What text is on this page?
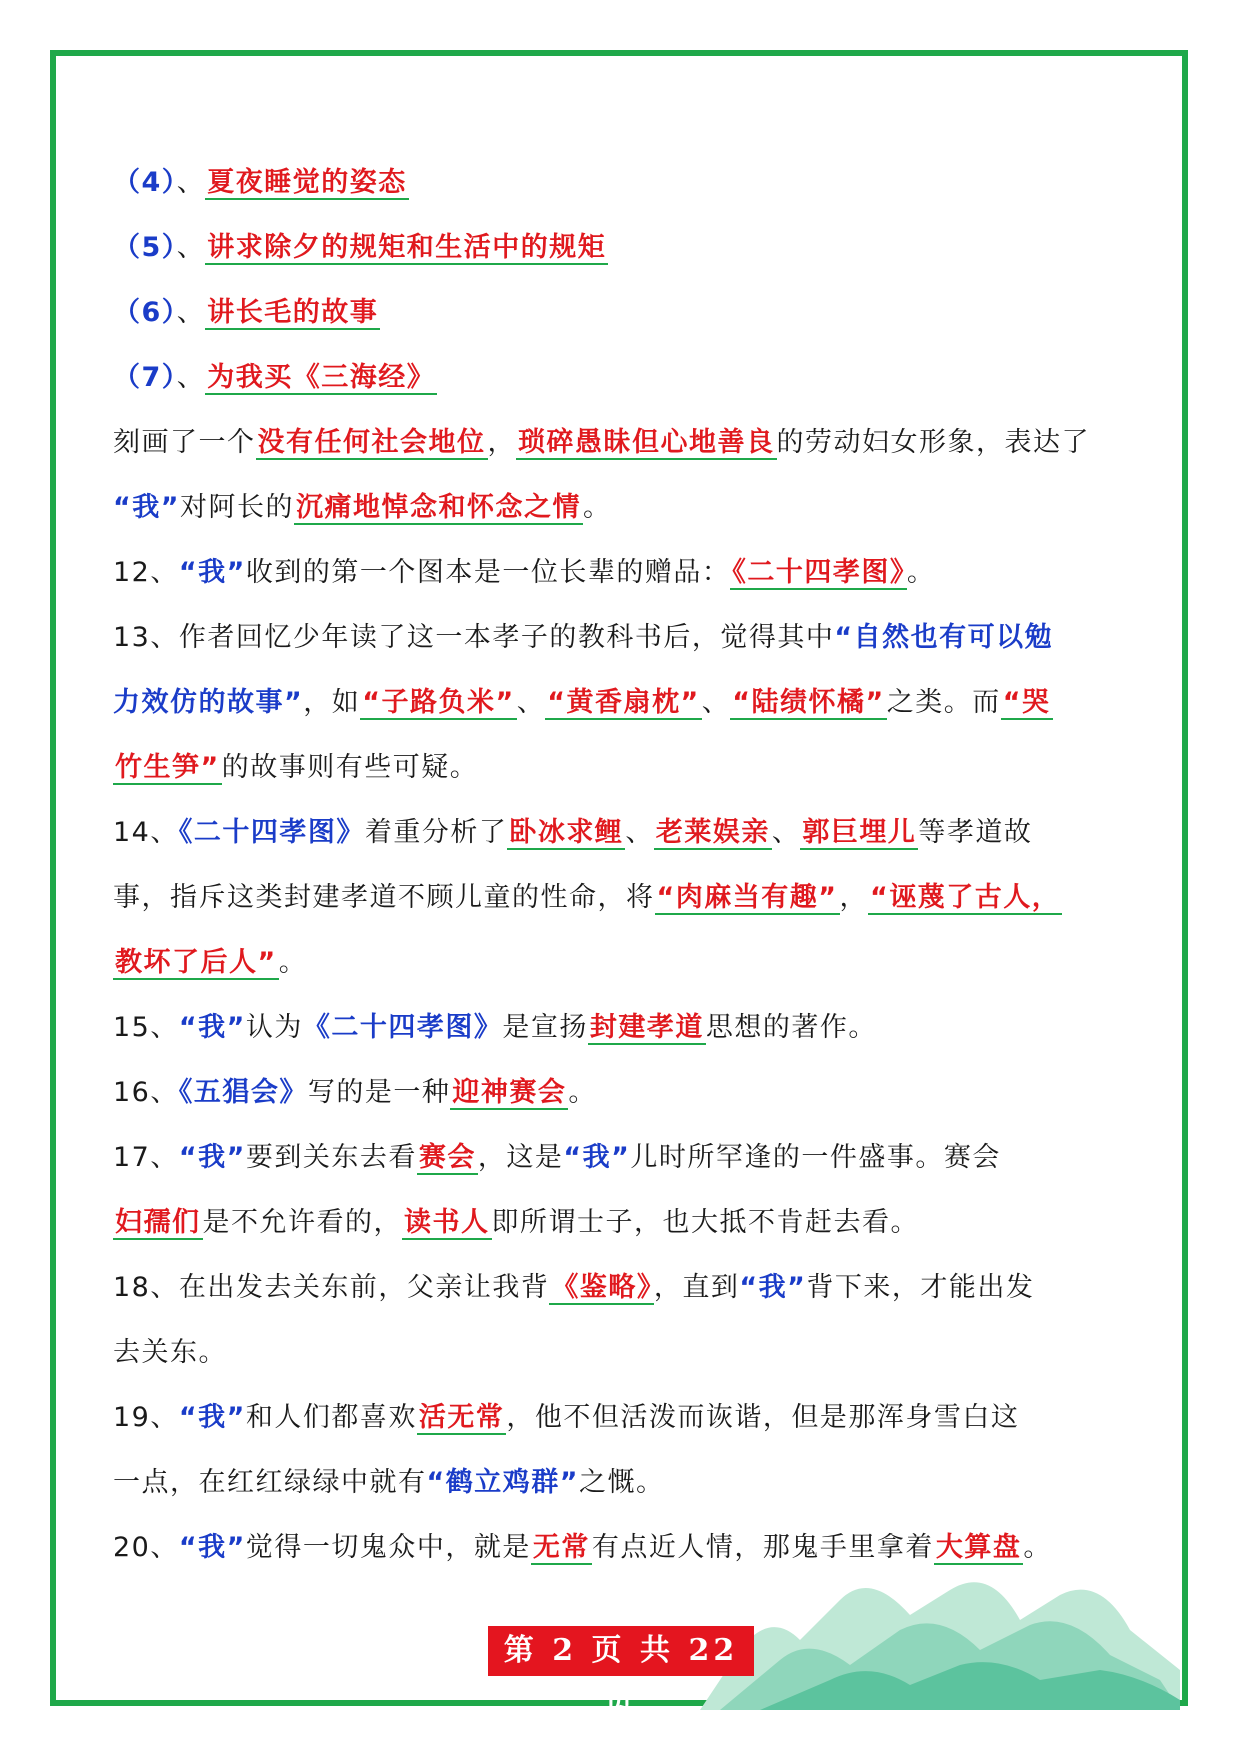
（4）、夏夜睡觉的姿态
（5）、讲求除夕的规矩和生活中的规矩
（6）、讲长毛的故事
（7）、为我买《三海经》
刻画了一个没有任何社会地位，琐碎愚昧但心地善良的劳动妇女形象，表达了
“我”对阿长的沉痛地悼念和怀念之情。
12、“我”收到的第一个图本是一位长辈的赠品：《二十四孝图》。
13、作者回忆少年读了这一本孝子的教科书后，觉得其中“自然也有可以勉
力效仿的故事”，如“子路负米”、“黄香扇枕”、“陆绩怀橘”之类。而“哭
竹生笋”的故事则有些可疑。
14、《二十四孝图》着重分析了卧冰求鲤、老莱娱亲、郭巨埋儿等孝道故
事，指斥这类封建孝道不顾儿童的性命，将“肉麻当有趣”，“诬蔑了古人，
教坏了后人”。
15、“我”认为《二十四孝图》是宣扬封建孝道思想的著作。
16、《五猖会》写的是一种迎神赛会。
17、“我”要到关东去看赛会，这是“我”儿时所罕逢的一件盛事。赛会
妇孺们是不允许看的，读书人即所谓士子，也大抵不肯赶去看。
18、在出发去关东前，父亲让我背《鉴略》，直到“我”背下来，才能出发
去关东。
19、“我”和人们都喜欢活无常，他不但活泼而诙谐，但是那浑身雪白这
一点，在红红绿绿中就有“鹤立鸡群”之慨。
20、“我”觉得一切鬼众中，就是无常有点近人情，那鬼手里拿着大算盘。
第 2 页 共 22 页
